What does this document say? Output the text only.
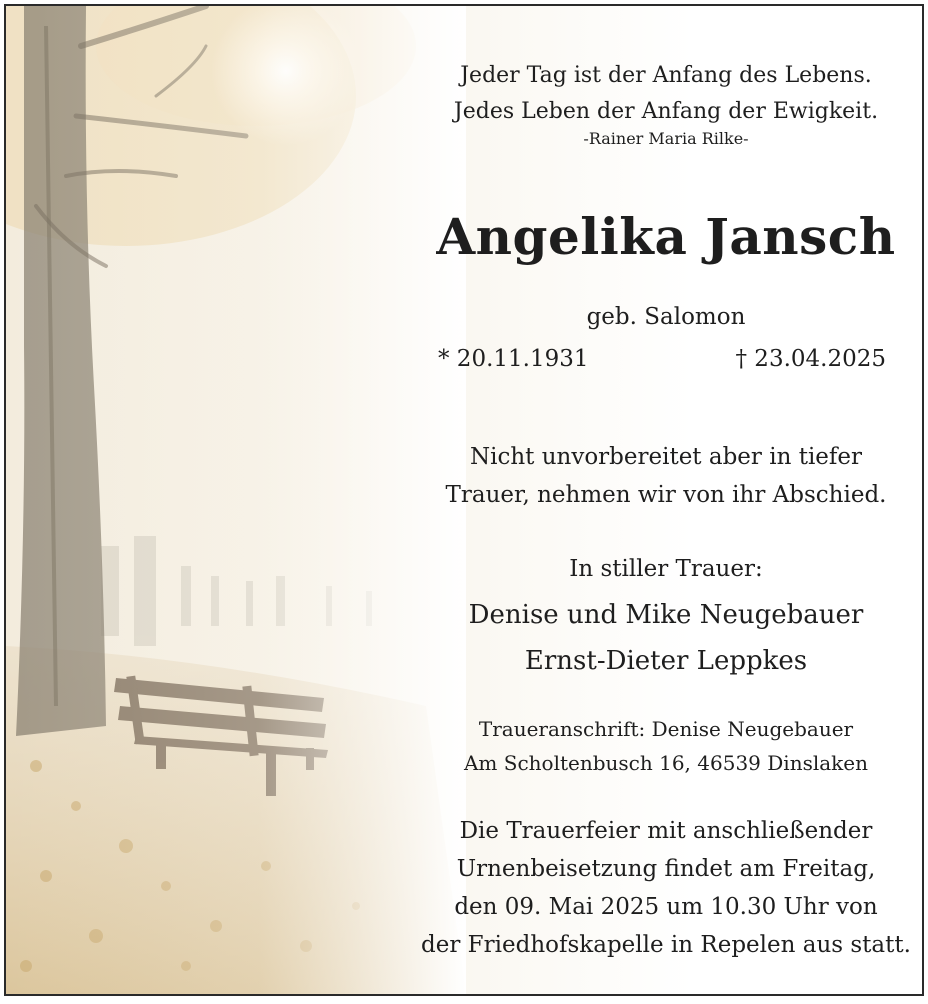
Jeder Tag ist der Anfang des Lebens.
Jedes Leben der Anfang der Ewigkeit.
-Rainer Maria Rilke-
Angelika Jansch
geb. Salomon
* 20.11.1931	† 23.04.2025
Nicht unvorbereitet aber in tiefer
Trauer, nehmen wir von ihr Abschied.
In stiller Trauer:
Denise und Mike Neugebauer
Ernst-Dieter Leppkes
Traueranschrift: Denise Neugebauer
Am Scholtenbusch 16, 46539 Dinslaken
Die Trauerfeier mit anschließender
Urnenbeisetzung findet am Freitag,
den 09. Mai 2025 um 10.30 Uhr von
der Friedhofskapelle in Repelen aus statt.
